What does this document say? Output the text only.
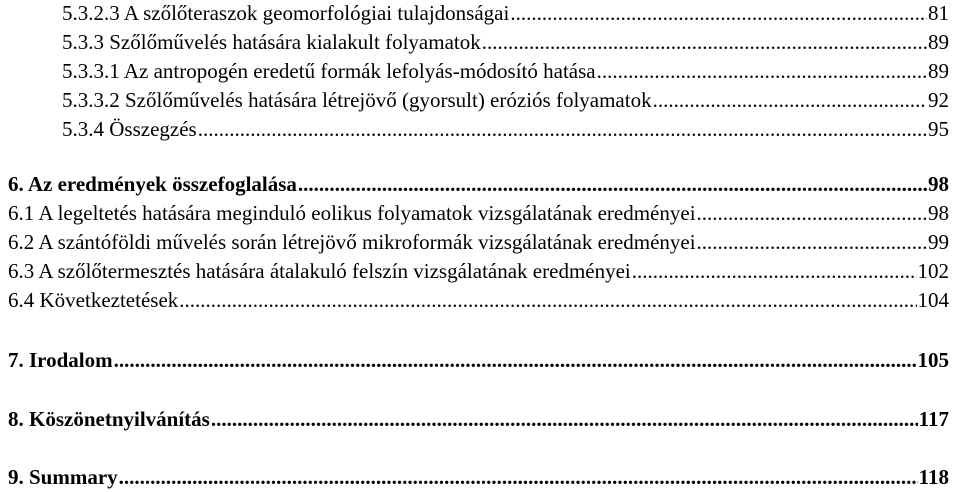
5.3.2.3 A szőlőteraszok geomorfológiai tulajdonságai .....	81
5.3.3 Szőlőművelés hatására kialakult folyamatok .....	89
5.3.3.1 Az antropogén eredetű formák lefolyás-módosító hatása .....	89
5.3.3.2 Szőlőművelés hatására létrejövő (gyorsult) eróziós folyamatok .....	92
5.3.4 Összegzés .....	95
6. Az eredmények összefoglalása .....	98
6.1 A legeltetés hatására meginduló eolikus folyamatok vizsgálatának eredményei .....	98
6.2 A szántóföldi művelés során létrejövő mikroformák vizsgálatának eredményei .....	99
6.3 A szőlőtermesztés hatására átalakuló felszín vizsgálatának eredményei .....	102
6.4 Következtetések .....	104
7. Irodalom .....	105
8. Köszönetnyilvánítás .....	117
9. Summary .....	118
